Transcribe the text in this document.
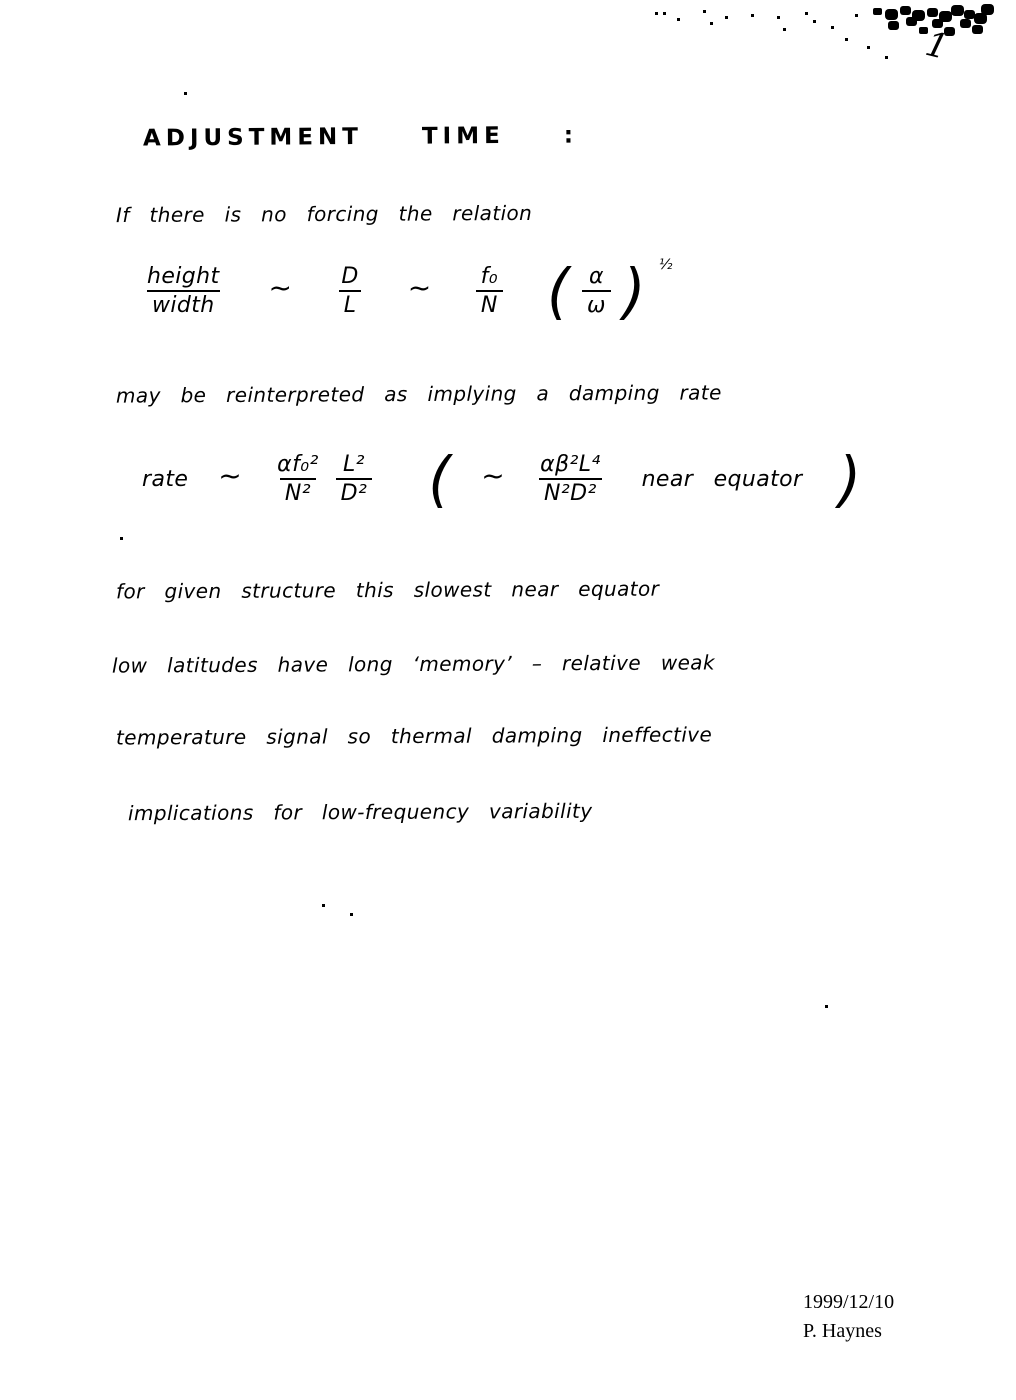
1
ADJUSTMENT TIME :
If there is no forcing the relation
$\frac{\text{height}}{\text{width}}$ ~ $\frac{D}{L}$ ~ $\frac{\text{f₀}}{N}$ ( $\frac{\alpha}{\omega}$ ) ½
may be reinterpreted as implying a damping rate
rate ~ $\frac{\text{αf₀²}}{\text{N²}} \frac{\text{L²}}{\text{D²}}$ ( ~ $\frac{\text{αβ²L⁴}}{\text{N²D²}}$ near equator )
for given structure this slowest near equator
low latitudes have long ‘memory’ – relative weak
temperature signal so thermal damping ineffective
implications for low-frequency variability
1999/12/10
P. Haynes
